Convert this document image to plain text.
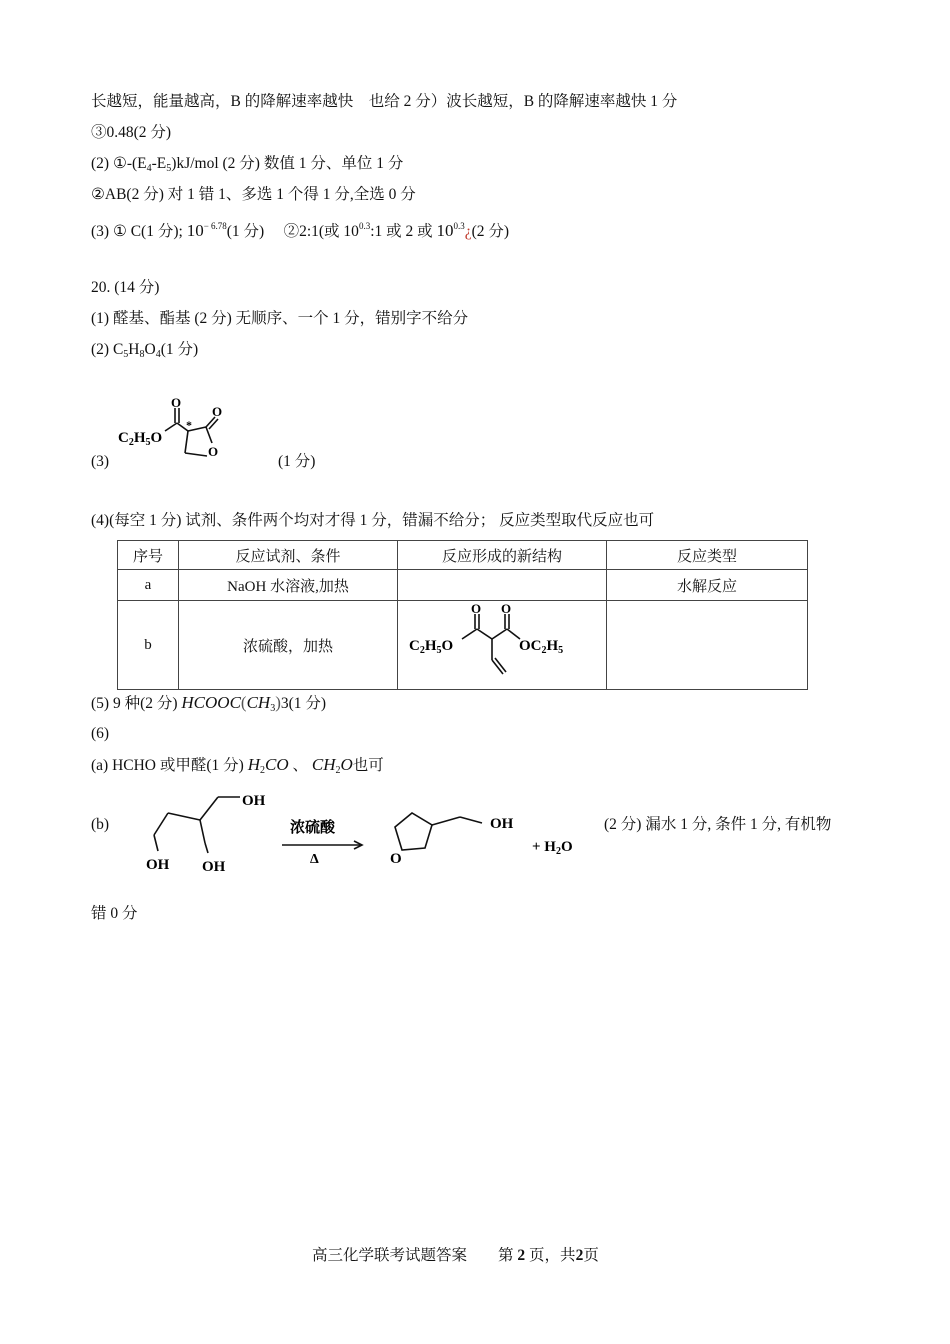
长越短，能量越高，B 的降解速率越快　也给 2 分）波长越短，B 的降解速率越快 1 分
③0.48(2 分)
(2) $①-(E_4-E_5)kJ$/mol (2 分) 数值 1 分、单位 1 分
②AB(2 分) 对 1 错 1、多选 1 个得 1 分,全选 0 分
(3) ① C(1 分); $10^{- 6.78}(1$ 分)　 ②2:1(或 $10^{0.3}:1$ 或 2 或 $10^{0.3}¿(2$ 分)
20. (14 分)
(1) 醛基、酯基 (2 分) 无顺序、一个 1 分，错别字不给分
(2) $C_5H_8O_4(1$ 分)
(3)
$C_2H_5O$
O
O
O
*
(1 分)
(4)(每空 1 分) 试剂、条件两个均对才得 1 分，错漏不给分； 反应类型取代反应也可
序号	反应试剂、条件	反应形成的新结构	反应类型
a	NaOH 水溶液,加热		水解反应
b	浓硫酸，加热	$C_2H_5O$
O O
$OC_2H_5$

(5) 9 种(2 分) $HCOOC(CH_3)3(1$ 分)
(6)
(a) HCHO 或甲醛(1 分) $H_2CO$ 、 $CH_2O$也可
(b)
OH
OH OH
浓硫酸
Δ
OH
O
+ $H_2O$
(2 分) 漏水 1 分, 条件 1 分, 有机物
错 0 分
高三化学联考试题答案　　 第 2 页，共2页
